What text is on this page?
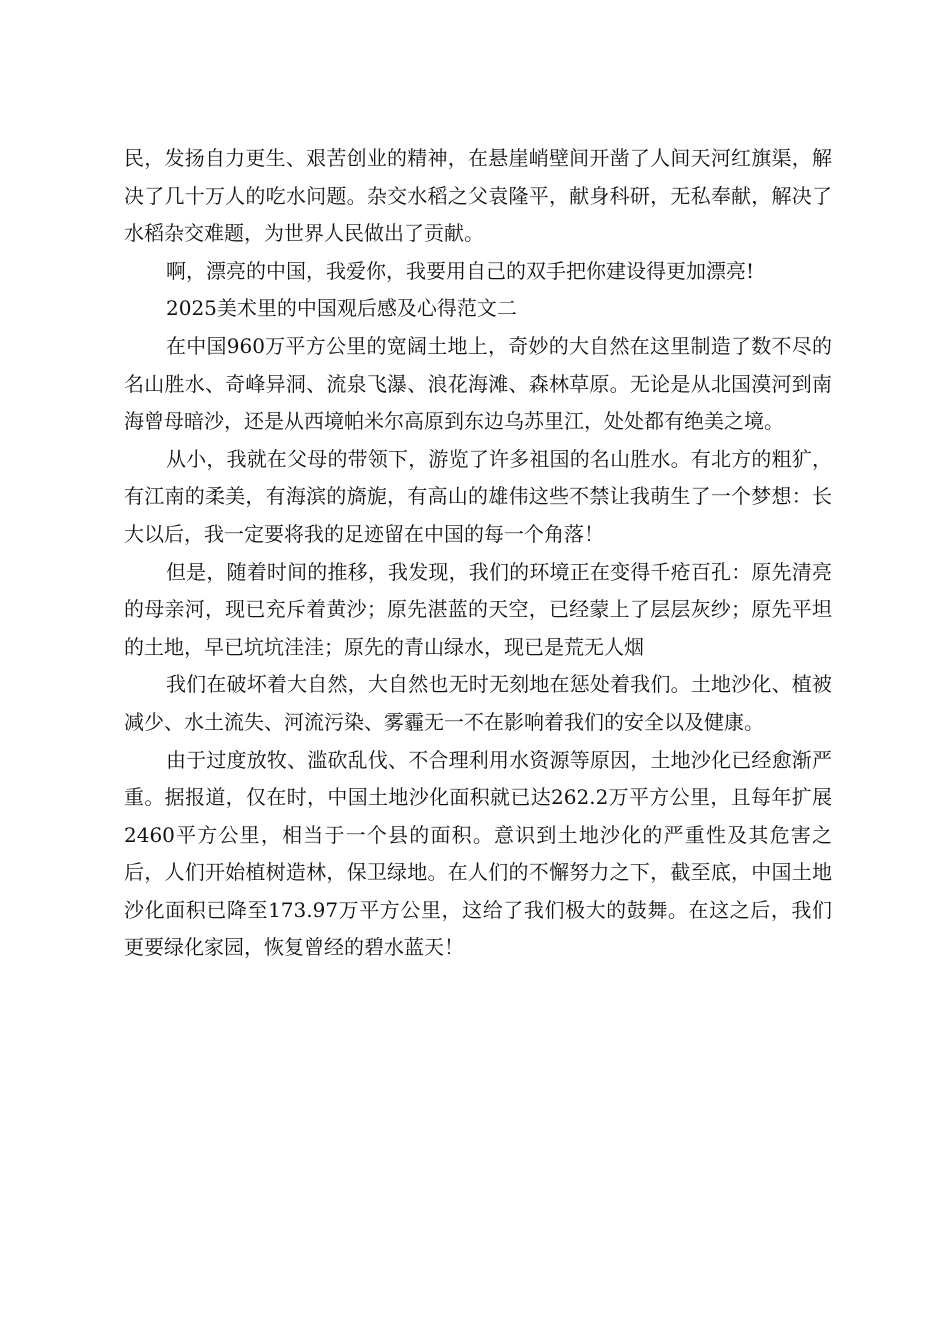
民，发扬自力更生、艰苦创业的精神，在悬崖峭壁间开凿了人间天河红旗渠，解决了几十万人的吃水问题。杂交水稻之父袁隆平，献身科研，无私奉献，解决了水稻杂交难题，为世界人民做出了贡献。

啊，漂亮的中国，我爱你，我要用自己的双手把你建设得更加漂亮!

2025美术里的中国观后感及心得范文二

在中国960万平方公里的宽阔土地上，奇妙的大自然在这里制造了数不尽的名山胜水、奇峰异洞、流泉飞瀑、浪花海滩、森林草原。无论是从北国漠河到南海曾母暗沙，还是从西境帕米尔高原到东边乌苏里江，处处都有绝美之境。

从小，我就在父母的带领下，游览了许多祖国的名山胜水。有北方的粗犷，有江南的柔美，有海滨的旖旎，有高山的雄伟这些不禁让我萌生了一个梦想：长大以后，我一定要将我的足迹留在中国的每一个角落！

但是，随着时间的推移，我发现，我们的环境正在变得千疮百孔：原先清亮的母亲河，现已充斥着黄沙；原先湛蓝的天空，已经蒙上了层层灰纱；原先平坦的土地，早已坑坑洼洼；原先的青山绿水，现已是荒无人烟

我们在破坏着大自然，大自然也无时无刻地在惩处着我们。土地沙化、植被减少、水土流失、河流污染、雾霾无一不在影响着我们的安全以及健康。

由于过度放牧、滥砍乱伐、不合理利用水资源等原因，土地沙化已经愈渐严重。据报道，仅在时，中国土地沙化面积就已达262.2万平方公里，且每年扩展2460平方公里，相当于一个县的面积。意识到土地沙化的严重性及其危害之后，人们开始植树造林，保卫绿地。在人们的不懈努力之下，截至底，中国土地沙化面积已降至173.97万平方公里，这给了我们极大的鼓舞。在这之后，我们更要绿化家园，恢复曾经的碧水蓝天！
